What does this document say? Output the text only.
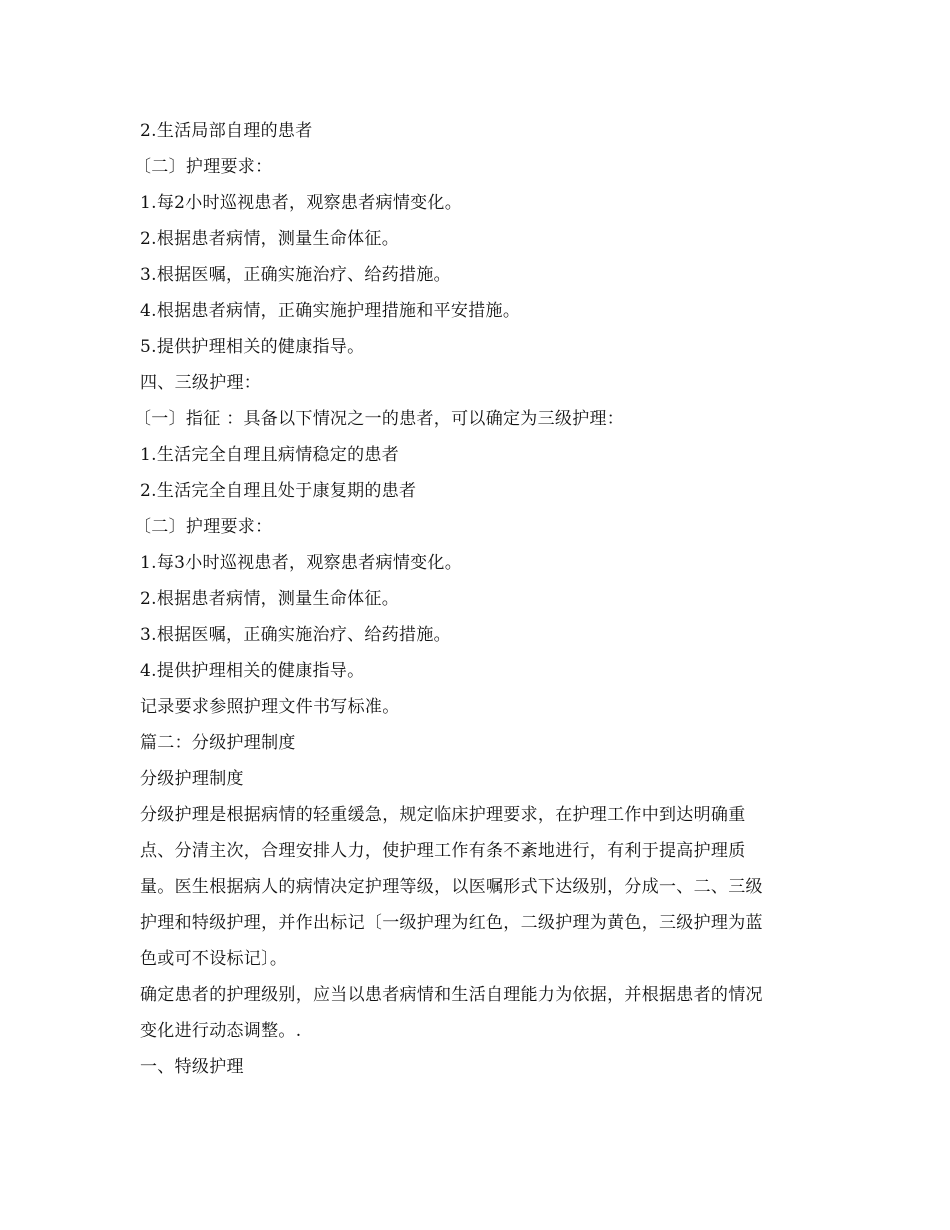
2.生活局部自理的患者
〔二〕护理要求：
1.每2小时巡视患者，观察患者病情变化。
2.根据患者病情，测量生命体征。
3.根据医嘱，正确实施治疗、给药措施。
4.根据患者病情，正确实施护理措施和平安措施。
5.提供护理相关的健康指导。
四、三级护理：
〔一〕指征 ：具备以下情况之一的患者，可以确定为三级护理：
1.生活完全自理且病情稳定的患者
2.生活完全自理且处于康复期的患者
〔二〕护理要求：
1.每3小时巡视患者，观察患者病情变化。
2.根据患者病情，测量生命体征。
3.根据医嘱，正确实施治疗、给药措施。
4.提供护理相关的健康指导。
记录要求参照护理文件书写标准。
篇二：分级护理制度
分级护理制度
分级护理是根据病情的轻重缓急，规定临床护理要求，在护理工作中到达明确重
点、分清主次，合理安排人力，使护理工作有条不紊地进行，有利于提高护理质
量。医生根据病人的病情决定护理等级，以医嘱形式下达级别，分成一、二、三级
护理和特级护理，并作出标记〔一级护理为红色，二级护理为黄色，三级护理为蓝
色或可不设标记〕。
确定患者的护理级别，应当以患者病情和生活自理能力为依据，并根据患者的情况
变化进行动态调整。.
一、特级护理
